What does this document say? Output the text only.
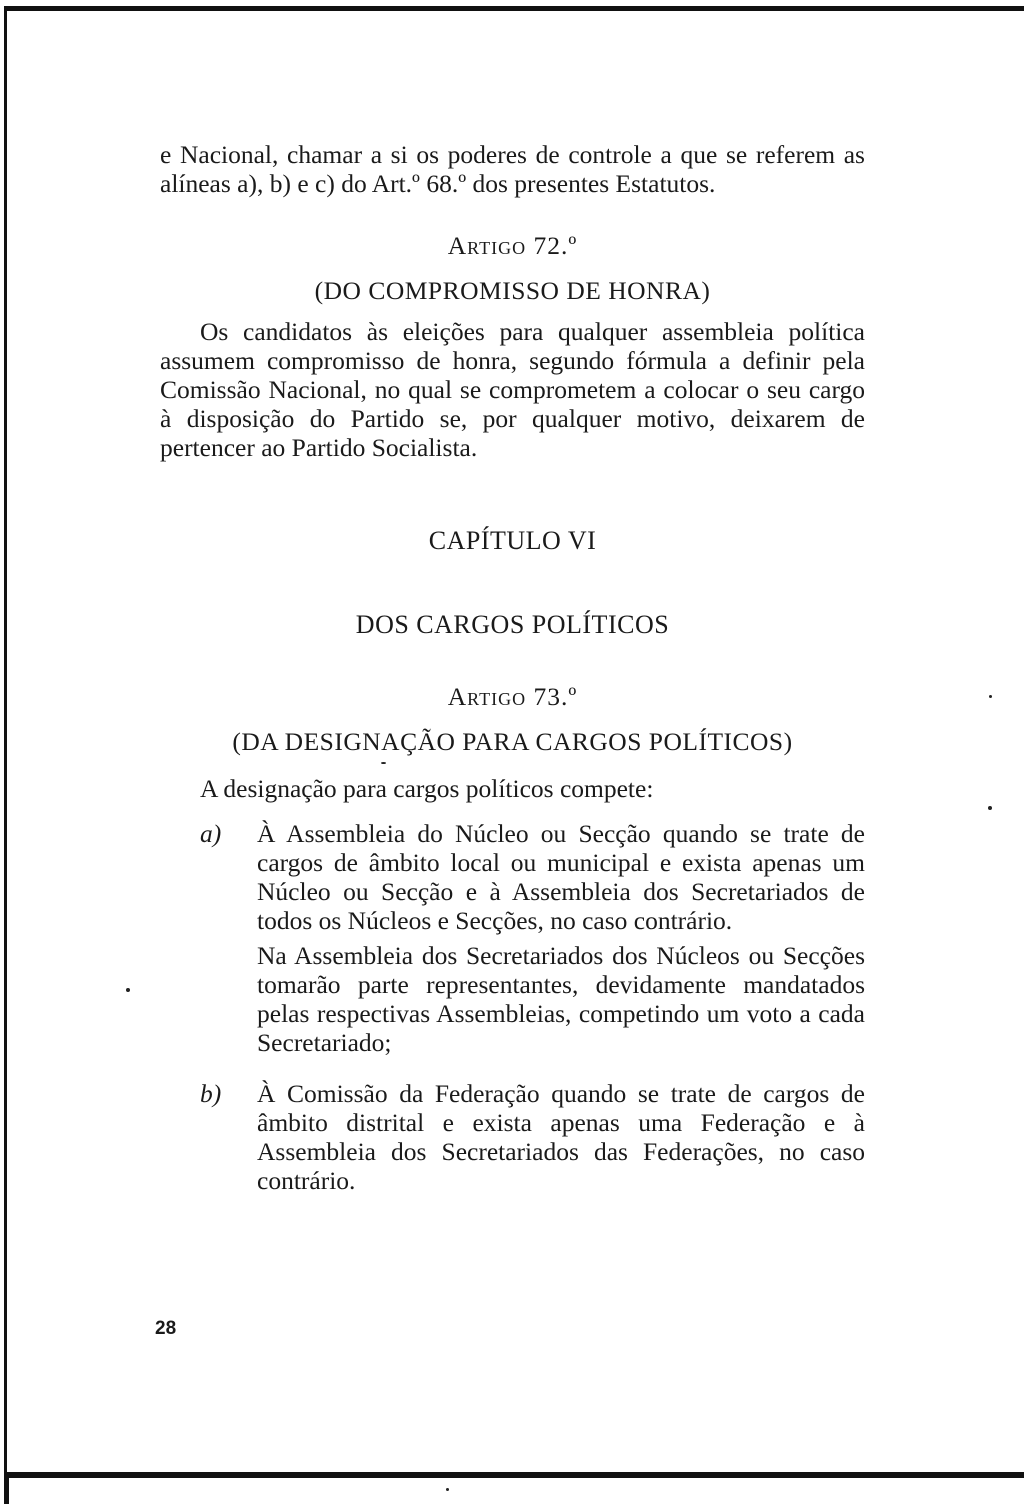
e Nacional, chamar a si os poderes de controle a que se referem as alíneas a), b) e c) do Art.º 68.º dos presentes Estatutos.

Artigo 72.º

(DO COMPROMISSO DE HONRA)

Os candidatos às eleições para qualquer assembleia política assumem compromisso de honra, segundo fórmula a definir pela Comissão Nacional, no qual se comprometem a colocar o seu cargo à disposição do Partido se, por qualquer motivo, deixarem de pertencer ao Partido Socialista.

CAPÍTULO VI

DOS CARGOS POLÍTICOS

Artigo 73.º

(DA DESIGNAÇÃO PARA CARGOS POLÍTICOS)

A designação para cargos políticos compete:

a) À Assembleia do Núcleo ou Secção quando se trate de cargos de âmbito local ou municipal e exista apenas um Núcleo ou Secção e à Assembleia dos Secretariados de todos os Núcleos e Secções, no caso contrário.

Na Assembleia dos Secretariados dos Núcleos ou Secções tomarão parte representantes, devidamente mandatados pelas respectivas Assembleias, competindo um voto a cada Secretariado;

b) À Comissão da Federação quando se trate de cargos de âmbito distrital e exista apenas uma Federação e à Assembleia dos Secretariados das Federações, no caso contrário.

28
